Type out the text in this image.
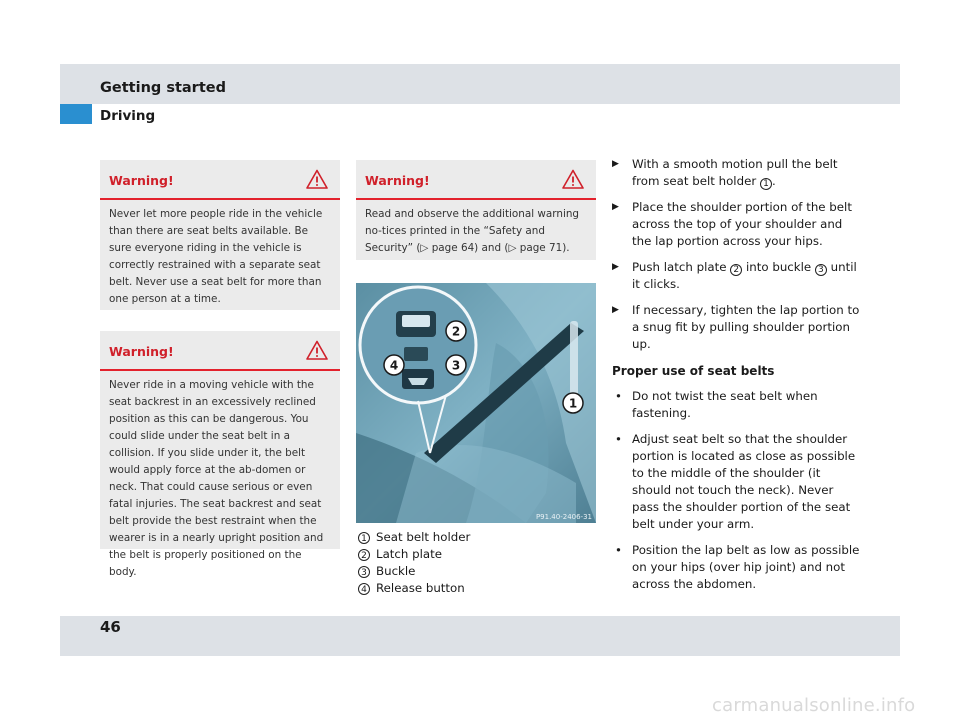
Getting started
Driving
Warning!
Never let more people ride in the vehicle than there are seat belts available. Be sure everyone riding in the vehicle is correctly restrained with a separate seat belt. Never use a seat belt for more than one person at a time.
Warning!
Never ride in a moving vehicle with the seat backrest in an excessively reclined position as this can be dangerous. You could slide under the seat belt in a collision. If you slide under it, the belt would apply force at the ab-domen or neck. That could cause serious or even fatal injuries. The seat backrest and seat belt provide the best restraint when the wearer is in a nearly upright position and the belt is properly positioned on the body.
Warning!
Read and observe the additional warning no-tices printed in the “Safety and Security” (▷ page 64) and (▷ page 71).
2
3
4
1
P91.40-2406-31
1 Seat belt holder
2 Latch plate
3 Buckle
4 Release button
▶ With a smooth motion pull the belt from seat belt holder 1 .
▶ Place the shoulder portion of the belt across the top of your shoulder and the lap portion across your hips.
▶ Push latch plate 2 into buckle 3 until it clicks.
▶ If necessary, tighten the lap portion to a snug fit by pulling shoulder portion up.
Proper use of seat belts
• Do not twist the seat belt when fastening.
• Adjust seat belt so that the shoulder portion is located as close as possible to the middle of the shoulder (it should not touch the neck). Never pass the shoulder portion of the seat belt under your arm.
• Position the lap belt as low as possible on your hips (over hip joint) and not across the abdomen.
46
carmanualsonline.info
